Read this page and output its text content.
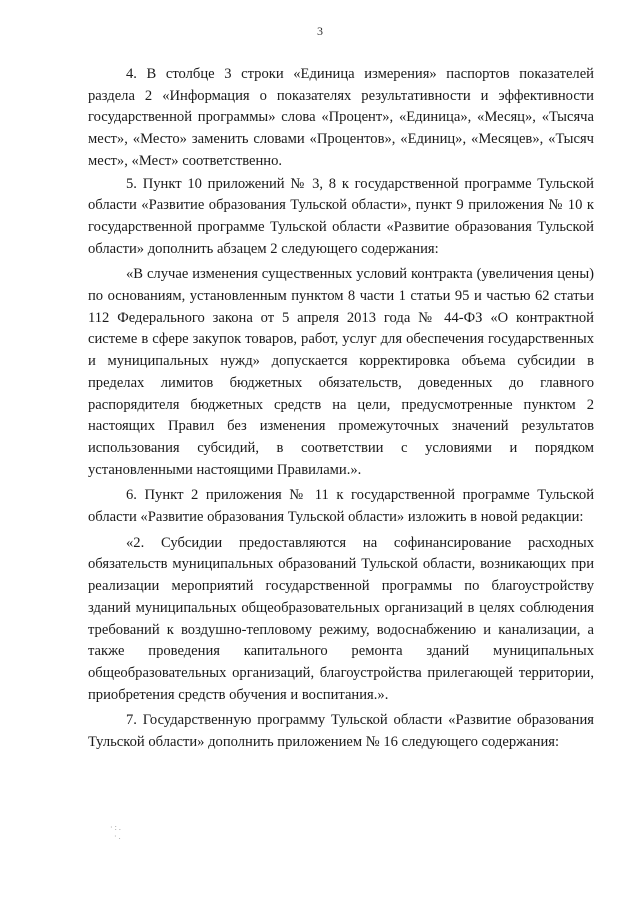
3

4. В столбце 3 строки «Единица измерения» паспортов показателей раздела 2 «Информация о показателях результативности и эффективности государственной программы» слова «Процент», «Единица», «Месяц», «Тысяча мест», «Место» заменить словами «Процентов», «Единиц», «Месяцев», «Тысяч мест», «Мест» соответственно.

5. Пункт 10 приложений № 3, 8 к государственной программе Тульской области «Развитие образования Тульской области», пункт 9 приложения № 10 к государственной программе Тульской области «Развитие образования Тульской области» дополнить абзацем 2 следующего содержания:

«В случае изменения существенных условий контракта (увеличения цены) по основаниям, установленным пунктом 8 части 1 статьи 95 и частью 62 статьи 112 Федерального закона от 5 апреля 2013 года № 44-ФЗ «О контрактной системе в сфере закупок товаров, работ, услуг для обеспечения государственных и муниципальных нужд» допускается корректировка объема субсидии в пределах лимитов бюджетных обязательств, доведенных до главного распорядителя бюджетных средств на цели, предусмотренные пунктом 2 настоящих Правил без изменения промежуточных значений результатов использования субсидий, в соответствии с условиями и порядком установленными настоящими Правилами.».

6. Пункт 2 приложения № 11 к государственной программе Тульской области «Развитие образования Тульской области» изложить в новой редакции:

«2. Субсидии предоставляются на софинансирование расходных обязательств муниципальных образований Тульской области, возникающих при реализации мероприятий государственной программы по благоустройству зданий муниципальных общеобразовательных организаций в целях соблюдения требований к воздушно-тепловому режиму, водоснабжению и канализации, а также проведения капитального ремонта зданий муниципальных общеобразовательных организаций, благоустройства прилегающей территории, приобретения средств обучения и воспитания.».

7. Государственную программу Тульской области «Развитие образования Тульской области» дополнить приложением № 16 следующего содержания:

·:.
·.
